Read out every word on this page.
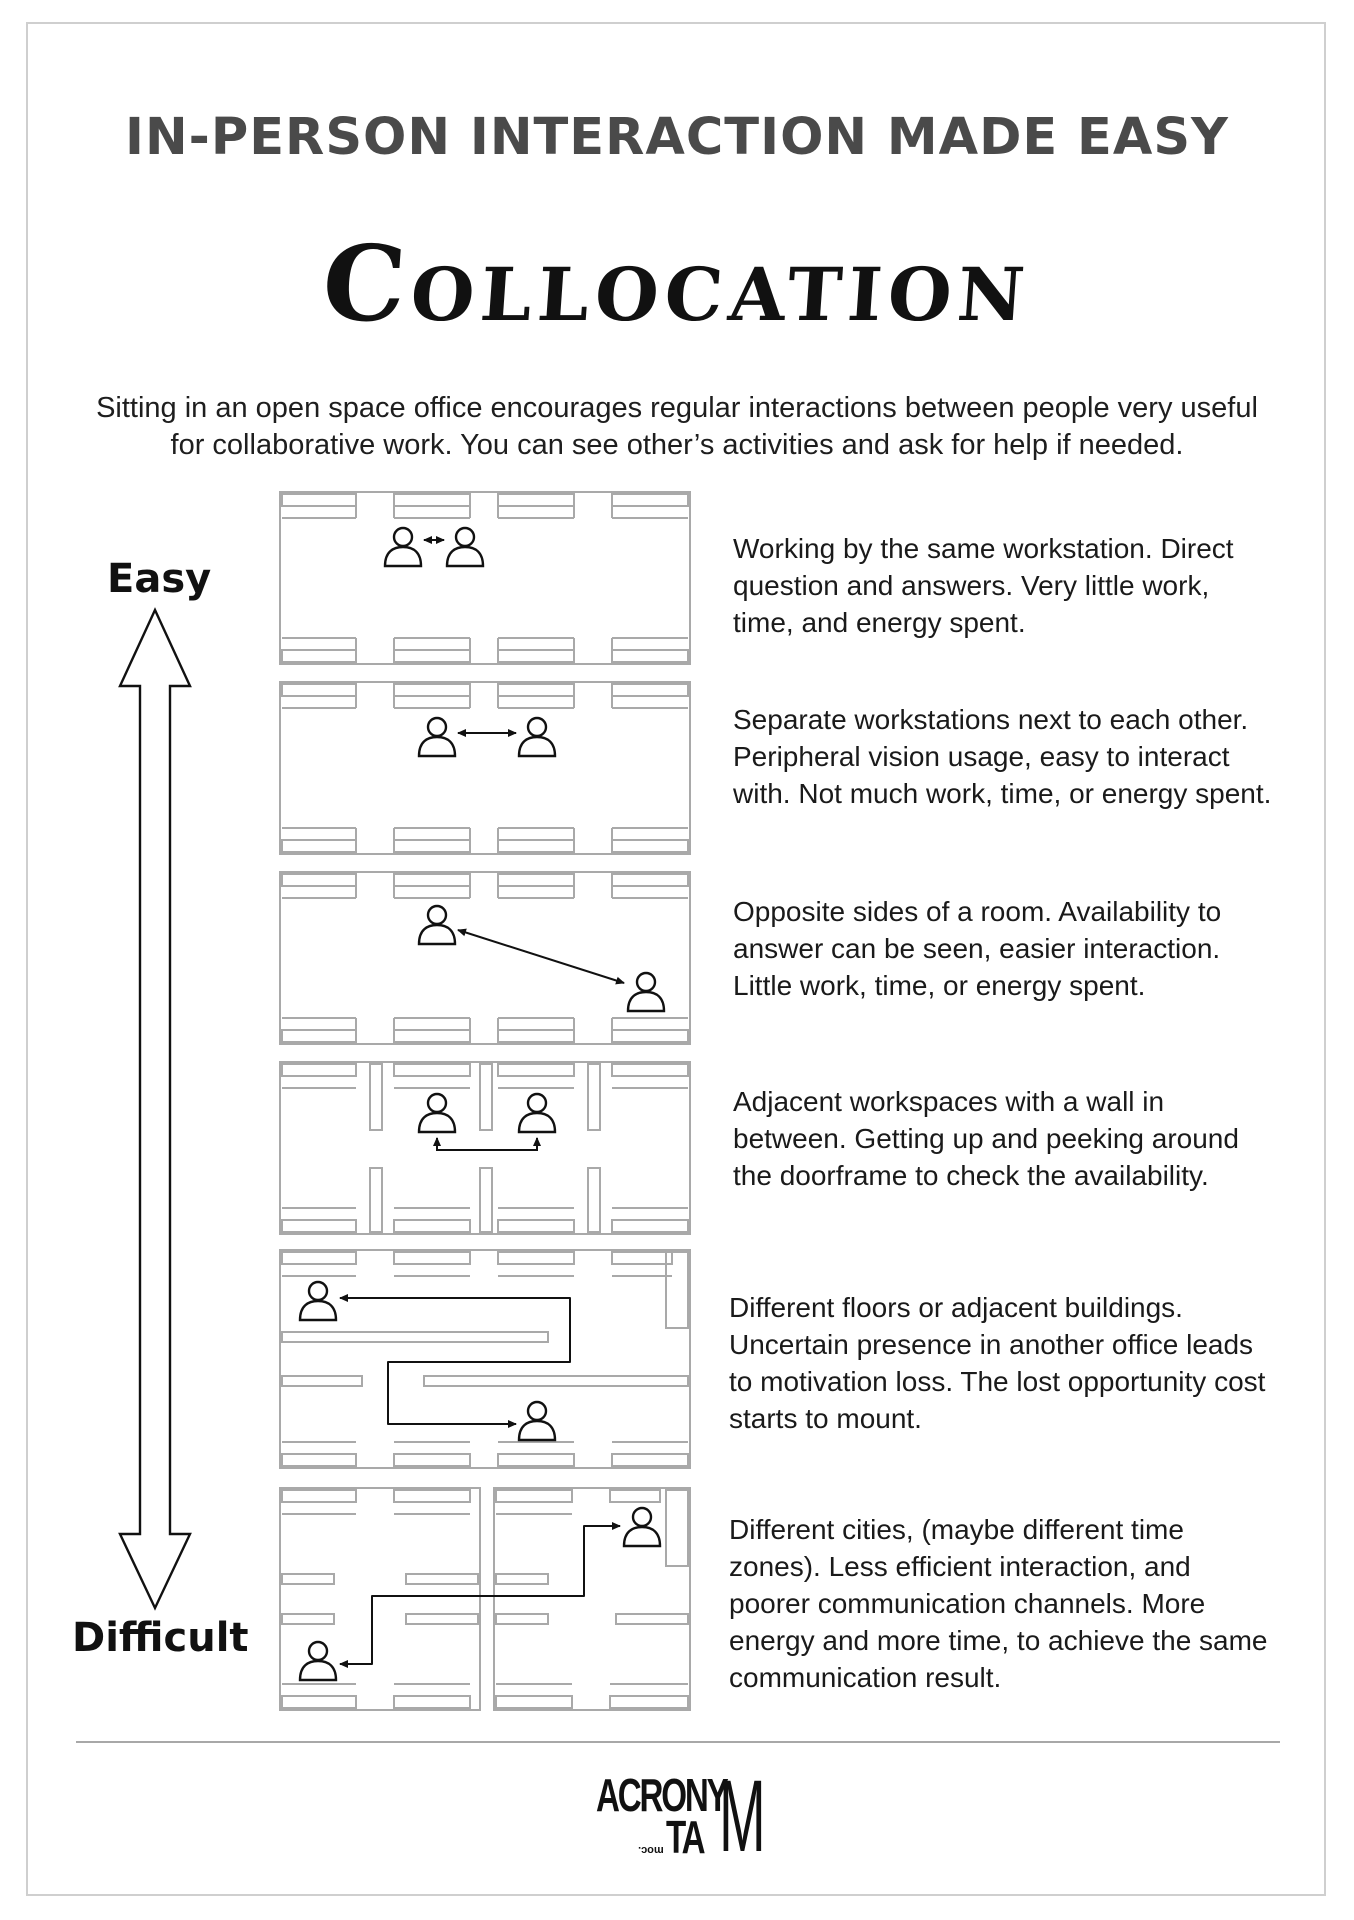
IN-PERSON INTERACTION MADE EASY
Collocation

Sitting in an open space office encourages regular interactions between people very useful for collaborative work. You can see other’s activities and ask for help if needed.

Easy

Difficult

Working by the same workstation. Direct question and answers. Very little work, time, and energy spent.

Separate workstations next to each other. Peripheral vision usage, easy to interact with. Not much work, time, or energy spent.

Opposite sides of a room. Availability to answer can be seen, easier interaction. Little work, time, or energy spent.

Adjacent workspaces with a wall in between. Getting up and peeking around the doorframe to check the availability.

Different floors or adjacent buildings. Uncertain presence in another office leads to motivation loss. The lost opportunity cost starts to mount.

Different cities, (maybe different time zones). Less efficient interaction, and poorer communication channels. More energy and more time, to achieve the same communication result.

ACRONY
TA
moc. M
